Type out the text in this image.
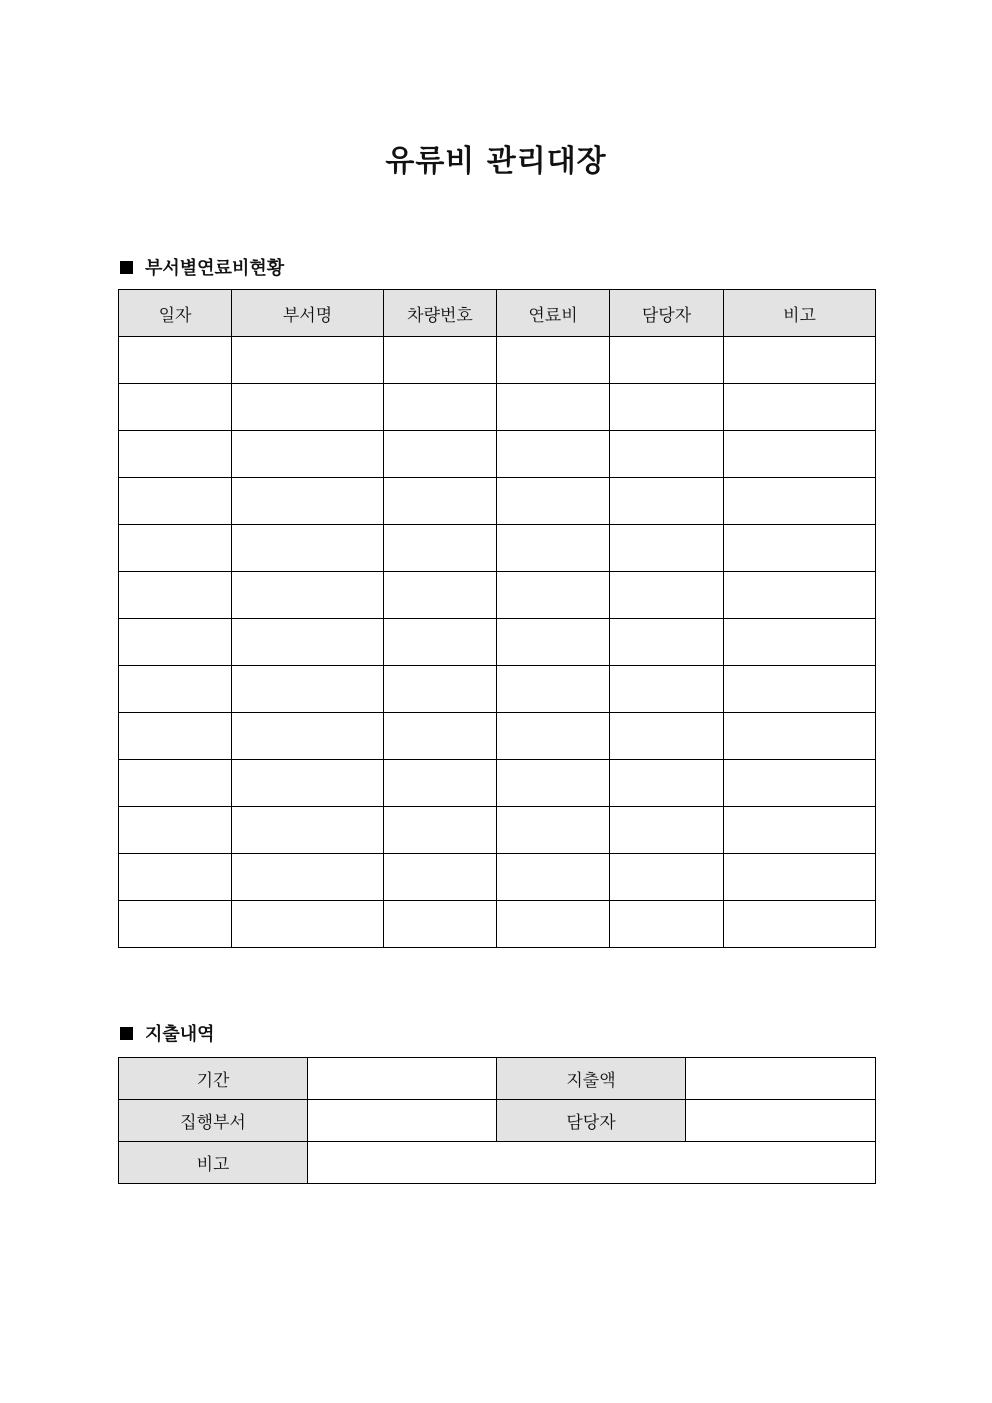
유류비 관리대장
부서별연료비현황
일자	부서명	차량번호	연료비	담당자	비고

지출내역
기간		지출액	
집행부서		담당자	
비고			
